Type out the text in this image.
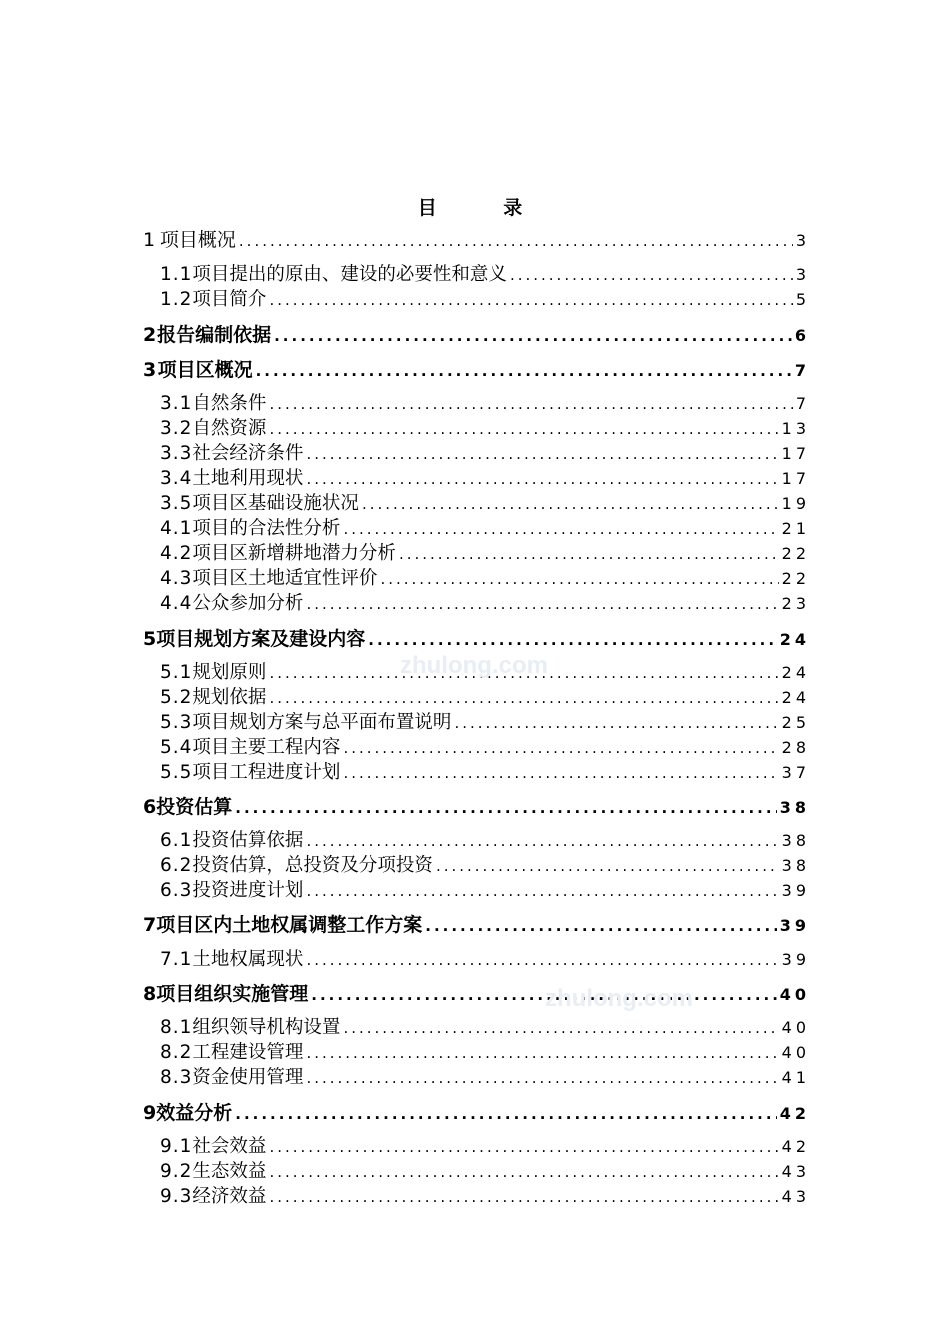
目 录
1 项目概况 .....	3
1.1 项目提出的原由、建设的必要性和意义 .....	3
1.2 项目简介 .....	5
2 报告编制依据 .....	6
3 项目区概况 .....	7
3.1 自然条件 .....	7
3.2 自然资源 .....	13
3.3 社会经济条件 .....	17
3.4 土地利用现状 .....	17
3.5 项目区基础设施状况 .....	19
4.1 项目的合法性分析 .....	21
4.2 项目区新增耕地潜力分析 .....	22
4.3 项目区土地适宜性评价 .....	22
4.4 公众参加分析 .....	23
5 项目规划方案及建设内容 .....	24
5.1 规划原则 .....	24
5.2 规划依据 .....	24
5.3 项目规划方案与总平面布置说明 .....	25
5.4 项目主要工程内容 .....	28
5.5 项目工程进度计划 .....	37
6 投资估算 .....	38
6.1 投资估算依据 .....	38
6.2 投资估算，总投资及分项投资 .....	38
6.3 投资进度计划 .....	39
7 项目区内土地权属调整工作方案 .....	39
7.1 土地权属现状 .....	39
8 项目组织实施管理 .....	40
8.1 组织领导机构设置 .....	40
8.2 工程建设管理 .....	40
8.3 资金使用管理 .....	41
9 效益分析 .....	42
9.1 社会效益 .....	42
9.2 生态效益 .....	43
9.3 经济效益 .....	43
zhulong.com
zhulong.com
